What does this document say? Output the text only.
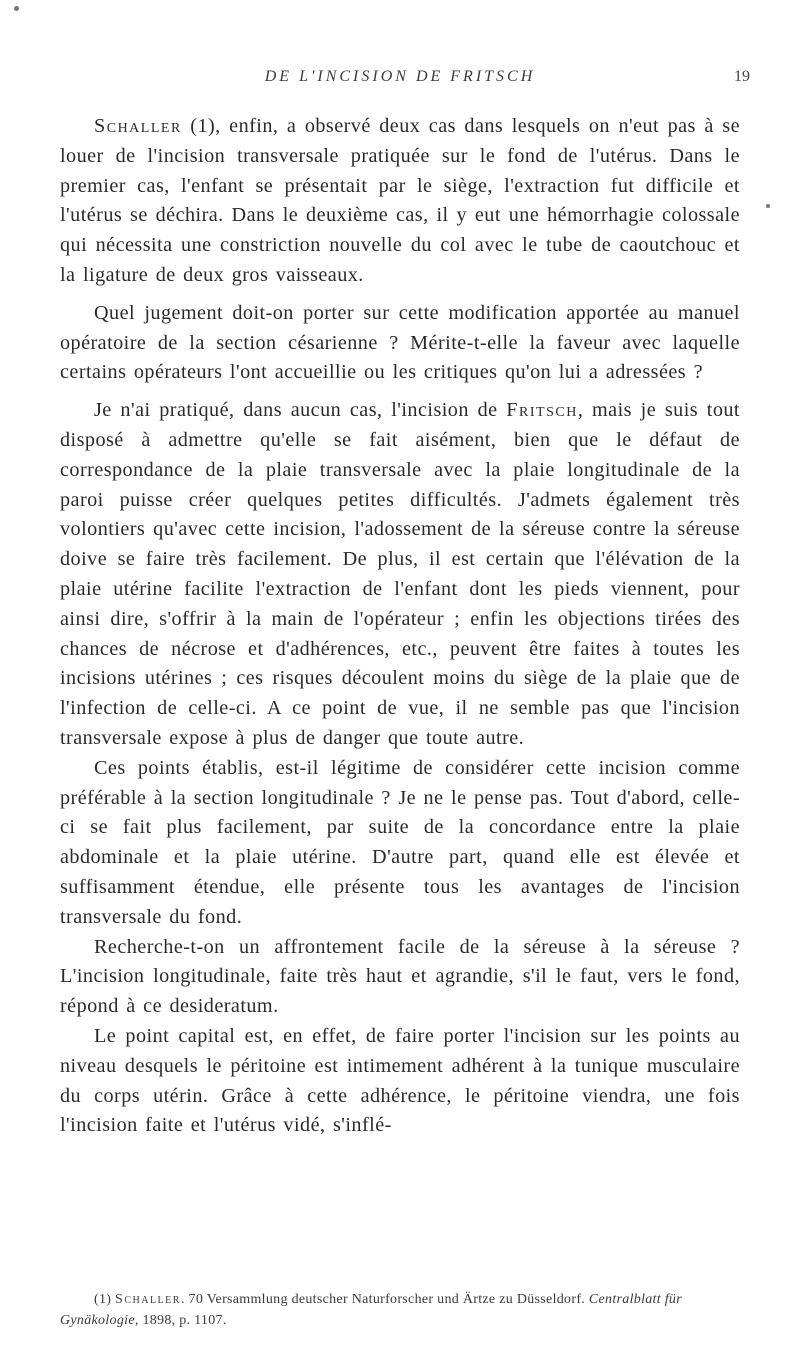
DE L'INCISION DE FRITSCH	19

Schaller (1), enfin, a observé deux cas dans lesquels on n'eut pas à se louer de l'incision transversale pratiquée sur le fond de l'utérus. Dans le premier cas, l'enfant se présentait par le siège, l'extraction fut difficile et l'utérus se déchira. Dans le deuxième cas, il y eut une hémorrhagie colossale qui nécessita une constriction nouvelle du col avec le tube de caoutchouc et la ligature de deux gros vaisseaux.

Quel jugement doit-on porter sur cette modification apportée au manuel opératoire de la section césarienne ? Mérite-t-elle la faveur avec laquelle certains opérateurs l'ont accueillie ou les critiques qu'on lui a adressées ?

Je n'ai pratiqué, dans aucun cas, l'incision de Fritsch, mais je suis tout disposé à admettre qu'elle se fait aisément, bien que le défaut de correspondance de la plaie transversale avec la plaie longitudinale de la paroi puisse créer quelques petites difficultés. J'admets également très volontiers qu'avec cette incision, l'adossement de la séreuse contre la séreuse doive se faire très facilement. De plus, il est certain que l'élévation de la plaie utérine facilite l'extraction de l'enfant dont les pieds viennent, pour ainsi dire, s'offrir à la main de l'opérateur ; enfin les objections tirées des chances de nécrose et d'adhérences, etc., peuvent être faites à toutes les incisions utérines ; ces risques découlent moins du siège de la plaie que de l'infection de celle-ci. A ce point de vue, il ne semble pas que l'incision transversale expose à plus de danger que toute autre.

Ces points établis, est-il légitime de considérer cette incision comme préférable à la section longitudinale ? Je ne le pense pas. Tout d'abord, celle-ci se fait plus facilement, par suite de la concordance entre la plaie abdominale et la plaie utérine. D'autre part, quand elle est élevée et suffisamment étendue, elle présente tous les avantages de l'incision transversale du fond.

Recherche-t-on un affrontement facile de la séreuse à la séreuse ? L'incision longitudinale, faite très haut et agrandie, s'il le faut, vers le fond, répond à ce desideratum.

Le point capital est, en effet, de faire porter l'incision sur les points au niveau desquels le péritoine est intimement adhérent à la tunique musculaire du corps utérin. Grâce à cette adhérence, le péritoine viendra, une fois l'incision faite et l'utérus vidé, s'inflé-

(1) Schaller. 70 Versammlung deutscher Naturforscher und Ärtze zu Düsseldorf. Centralblatt für Gynäkologie, 1898, p. 1107.
